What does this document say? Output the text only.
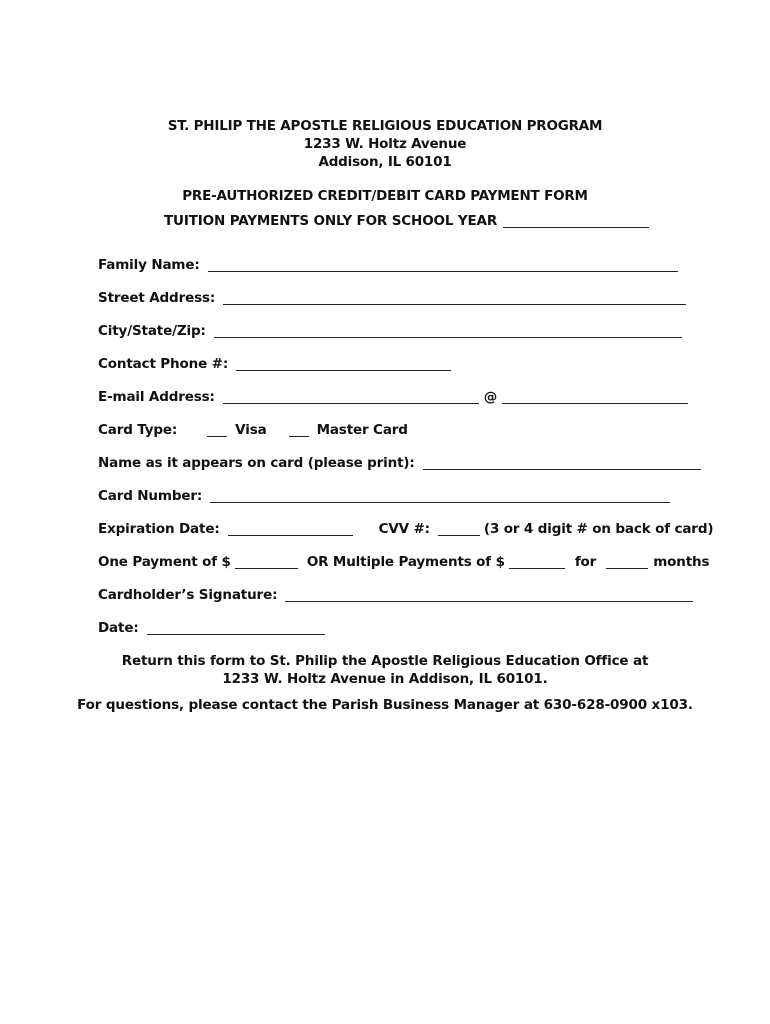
ST. PHILIP THE APOSTLE RELIGIOUS EDUCATION PROGRAM
1233 W. Holtz Avenue
Addison, IL 60101
PRE-AUTHORIZED CREDIT/DEBIT CARD PAYMENT FORM
TUITION PAYMENTS ONLY FOR SCHOOL YEAR
Family Name:
Street Address:
City/State/Zip:
Contact Phone #:
E-mail Address:	@
Card Type:	Visa	Master Card
Name as it appears on card (please print):
Card Number:
Expiration Date:	CVV #:	(3 or 4 digit # on back of card)
One Payment of $	OR Multiple Payments of $	for	months
Cardholder’s Signature:
Date:
Return this form to St. Philip the Apostle Religious Education Office at
1233 W. Holtz Avenue in Addison, IL 60101.
For questions, please contact the Parish Business Manager at 630-628-0900 x103.
